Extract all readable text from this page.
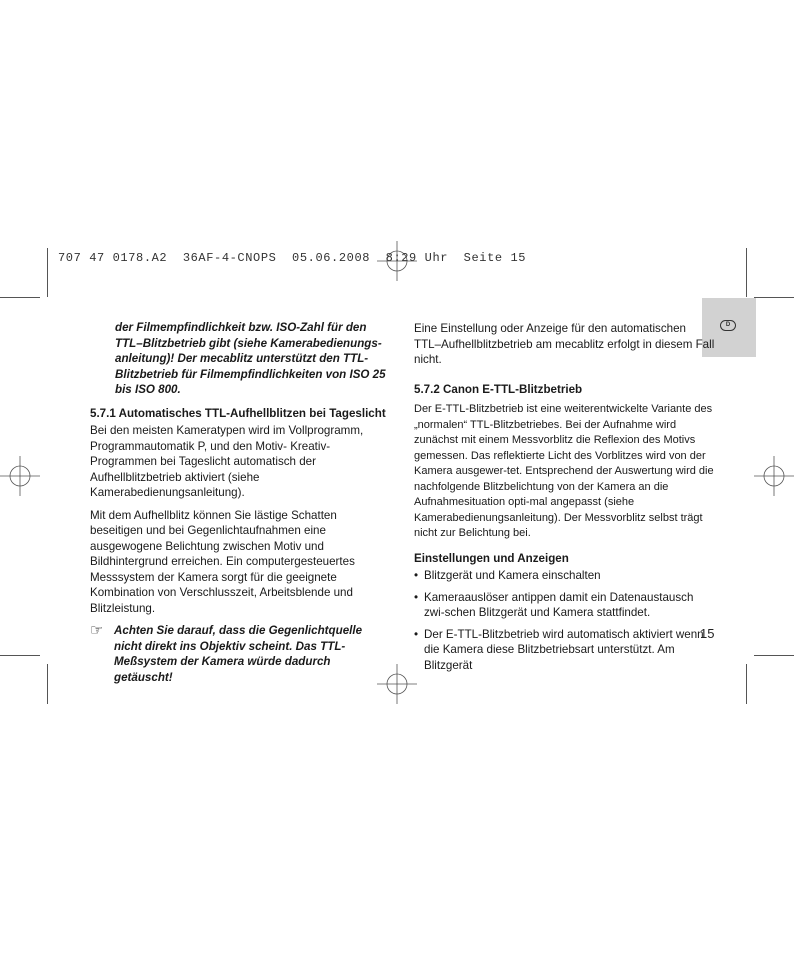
707 47 0178.A2  36AF-4-CNOPS  05.06.2008  8:29 Uhr  Seite 15
D

der Filmempfindlichkeit bzw. ISO-Zahl für den TTL–Blitzbetrieb gibt (siehe Kamerabedienungs-anleitung)! Der mecablitz unterstützt den TTL-Blitzbetrieb für Filmempfindlichkeiten von ISO 25 bis ISO 800.

5.7.1 Automatisches TTL-Aufhellblitzen bei Tageslicht

Bei den meisten Kameratypen wird im Vollprogramm, Programmautomatik P, und den Motiv- Kreativ-Programmen bei Tageslicht automatisch der Aufhellblitzbetrieb aktiviert (siehe Kamerabedienungsanleitung).

Mit dem Aufhellblitz können Sie lästige Schatten beseitigen und bei Gegenlichtaufnahmen eine ausgewogene Belichtung zwischen Motiv und Bildhintergrund erreichen. Ein computergesteuertes Messsystem der Kamera sorgt für die geeignete Kombination von Verschlusszeit, Arbeitsblende und Blitzleistung.

☞ Achten Sie darauf, dass die Gegenlichtquelle nicht direkt ins Objektiv scheint. Das TTL-Meßsystem der Kamera würde dadurch getäuscht!

Eine Einstellung oder Anzeige für den automatischen TTL–Aufhellblitzbetrieb am mecablitz erfolgt in diesem Fall nicht.

5.7.2 Canon E-TTL-Blitzbetrieb

Der E-TTL-Blitzbetrieb ist eine weiterentwickelte Variante des „normalen“ TTL-Blitzbetriebes. Bei der Aufnahme wird zunächst mit einem Messvorblitz die Reflexion des Motivs gemessen. Das reflektierte Licht des Vorblitzes wird von der Kamera ausgewer-tet. Entsprechend der Auswertung wird die nachfolgende Blitzbelichtung von der Kamera an die Aufnahmesituation opti-mal angepasst (siehe Kamerabedienungsanleitung). Der Messvorblitz selbst trägt nicht zur Belichtung bei.

Einstellungen und Anzeigen

• Blitzgerät und Kamera einschalten
• Kameraauslöser antippen damit ein Datenaustausch zwi-schen Blitzgerät und Kamera stattfindet.
• Der E-TTL-Blitzbetrieb wird automatisch aktiviert wenn die Kamera diese Blitzbetriebsart unterstützt. Am Blitzgerät
15
